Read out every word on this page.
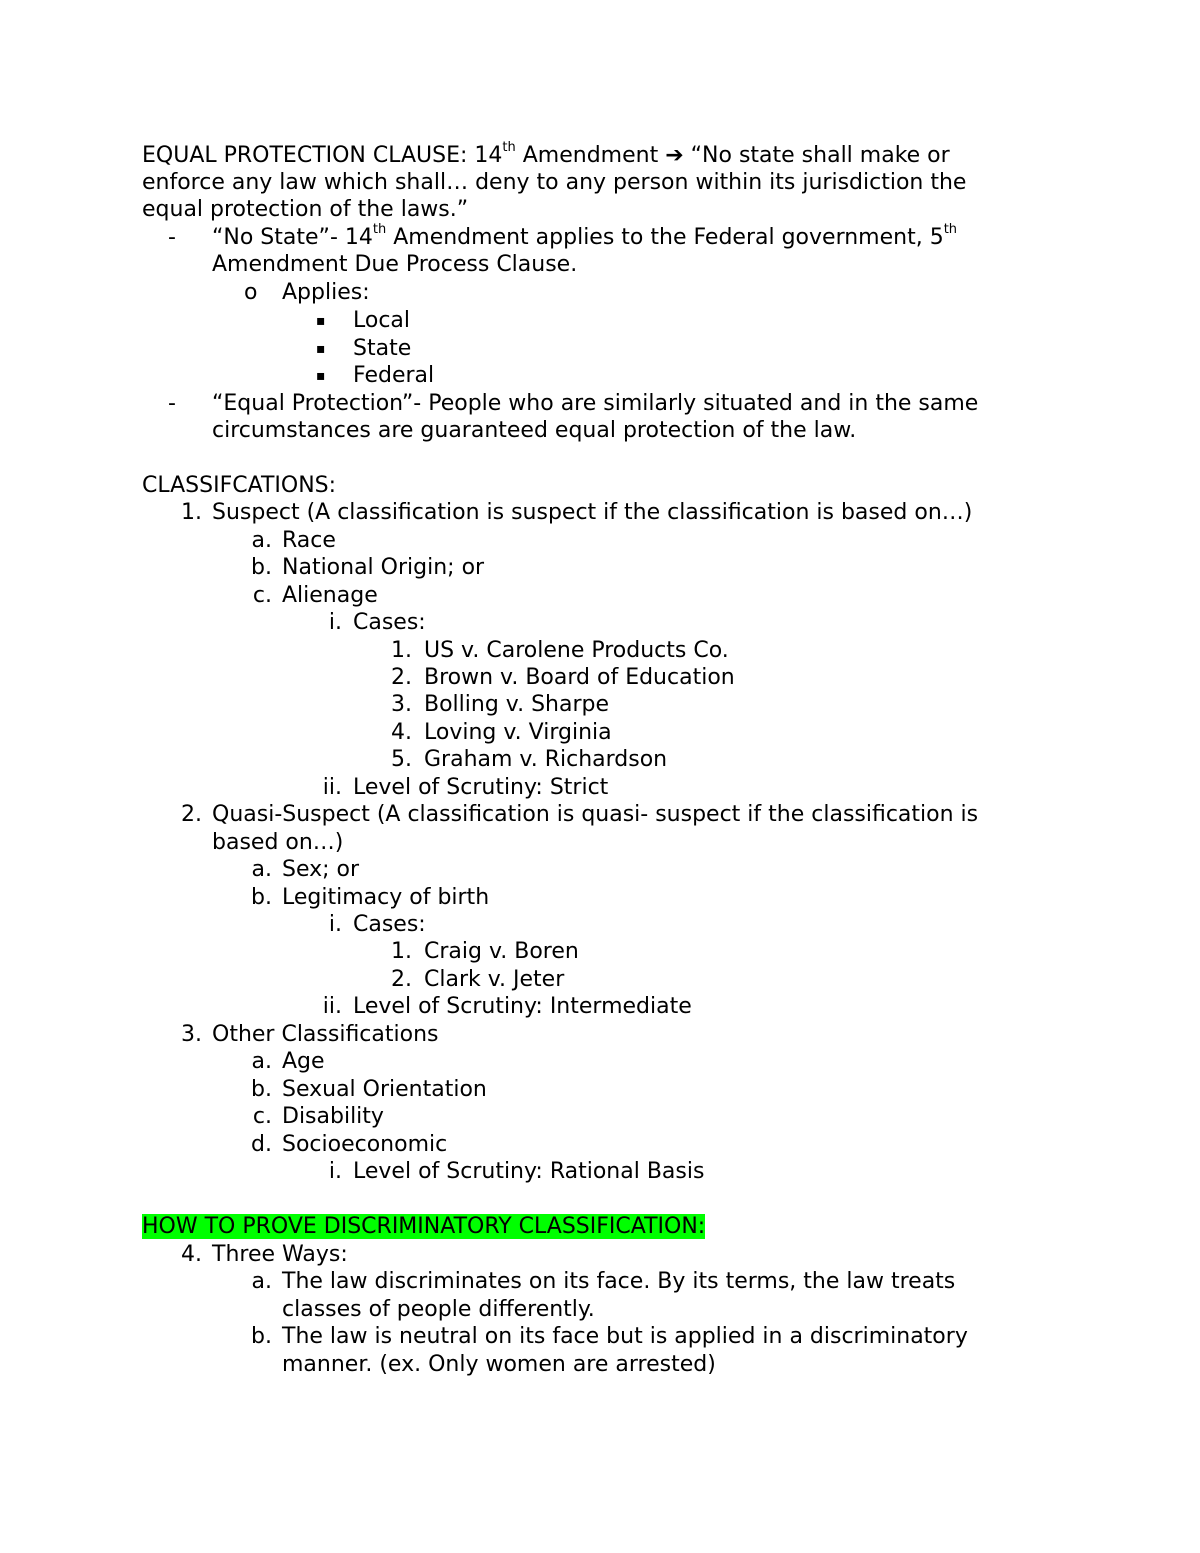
EQUAL PROTECTION CLAUSE: 14th Amendment ➔ “No state shall make or
enforce any law which shall… deny to any person within its jurisdiction the
equal protection of the laws.”
-	“No State”- 14th Amendment applies to the Federal government, 5th
Amendment Due Process Clause.
o Applies:
▪	Local
▪	State
▪	Federal
-	“Equal Protection”- People who are similarly situated and in the same
circumstances are guaranteed equal protection of the law.
CLASSIFCATIONS:
1. Suspect (A classification is suspect if the classification is based on…)
a. Race
b. National Origin; or
c. Alienage
i. Cases:
1. US v. Carolene Products Co.
2. Brown v. Board of Education
3. Bolling v. Sharpe
4. Loving v. Virginia
5. Graham v. Richardson
ii. Level of Scrutiny: Strict
2. Quasi-Suspect (A classification is quasi- suspect if the classification is
based on…)
a. Sex; or
b. Legitimacy of birth
i. Cases:
1. Craig v. Boren
2. Clark v. Jeter
ii. Level of Scrutiny: Intermediate
3. Other Classifications
a. Age
b. Sexual Orientation
c. Disability
d. Socioeconomic
i. Level of Scrutiny: Rational Basis
HOW TO PROVE DISCRIMINATORY CLASSIFICATION:
4. Three Ways:
a. The law discriminates on its face. By its terms, the law treats
classes of people differently.
b. The law is neutral on its face but is applied in a discriminatory
manner. (ex. Only women are arrested)
